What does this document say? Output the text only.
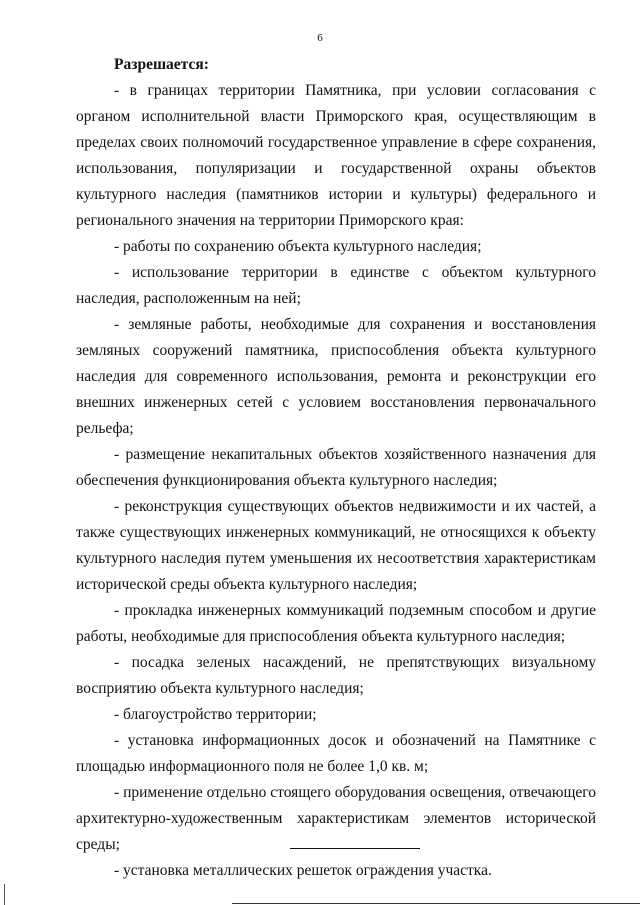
6

Разрешается:

- в границах территории Памятника, при условии согласования с органом исполнительной власти Приморского края, осуществляющим в пределах своих полномочий государственное управление в сфере сохранения, использования, популяризации и государственной охраны объектов культурного наследия (памятников истории и культуры) федерального и регионального значения на территории Приморского края:

- работы по сохранению объекта культурного наследия;

- использование территории в единстве с объектом культурного наследия, расположенным на ней;

- земляные работы, необходимые для сохранения и восстановления земляных сооружений памятника, приспособления объекта культурного наследия для современного использования, ремонта и реконструкции его внешних инженерных сетей с условием восстановления первоначального рельефа;

- размещение некапитальных объектов хозяйственного назначения для обеспечения функционирования объекта культурного наследия;

- реконструкция существующих объектов недвижимости и их частей, а также существующих инженерных коммуникаций, не относящихся к объекту культурного наследия путем уменьшения их несоответствия характеристикам исторической среды объекта культурного наследия;

- прокладка инженерных коммуникаций подземным способом и другие работы, необходимые для приспособления объекта культурного наследия;

- посадка зеленых насаждений, не препятствующих визуальному восприятию объекта культурного наследия;

- благоустройство территории;

- установка информационных досок и обозначений на Памятнике с площадью информационного поля не более 1,0 кв. м;

- применение отдельно стоящего оборудования освещения, отвечающего архитектурно-художественным характеристикам элементов исторической среды;

- установка металлических решеток ограждения участка.
